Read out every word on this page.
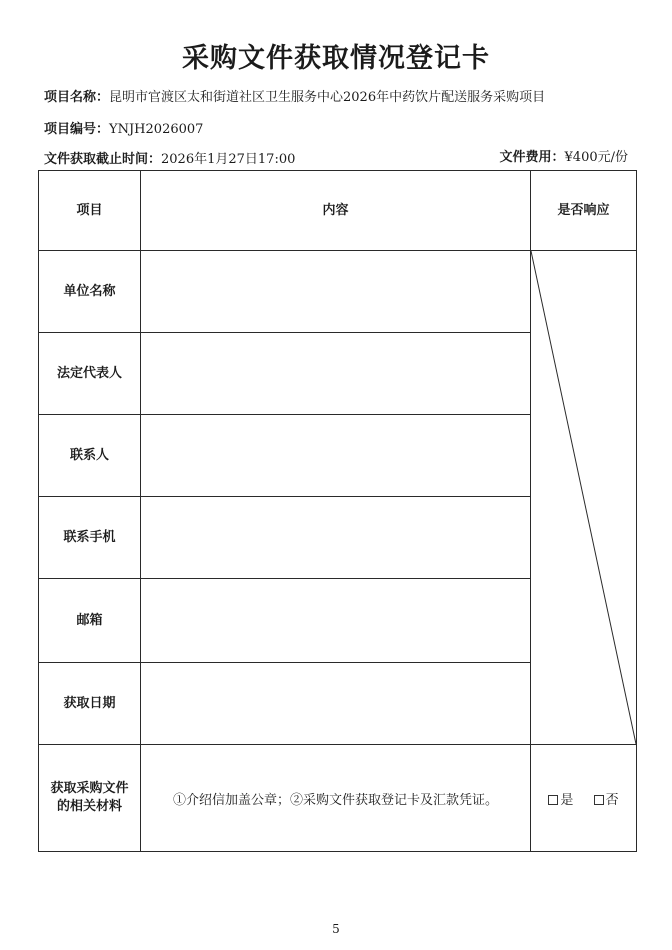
采购文件获取情况登记卡
项目名称：昆明市官渡区太和街道社区卫生服务中心2026年中药饮片配送服务采购项目
项目编号：YNJH2026007
文件获取截止时间：2026年1月27日17:00	文件费用：¥400元/份
项目	内容	是否响应
单位名称		

法定代表人		
联系人		
联系手机		
邮箱		
获取日期		
获取采购文件
的相关材料	①介绍信加盖公章；②采购文件获取登记卡及汇款凭证。	是 否
5
